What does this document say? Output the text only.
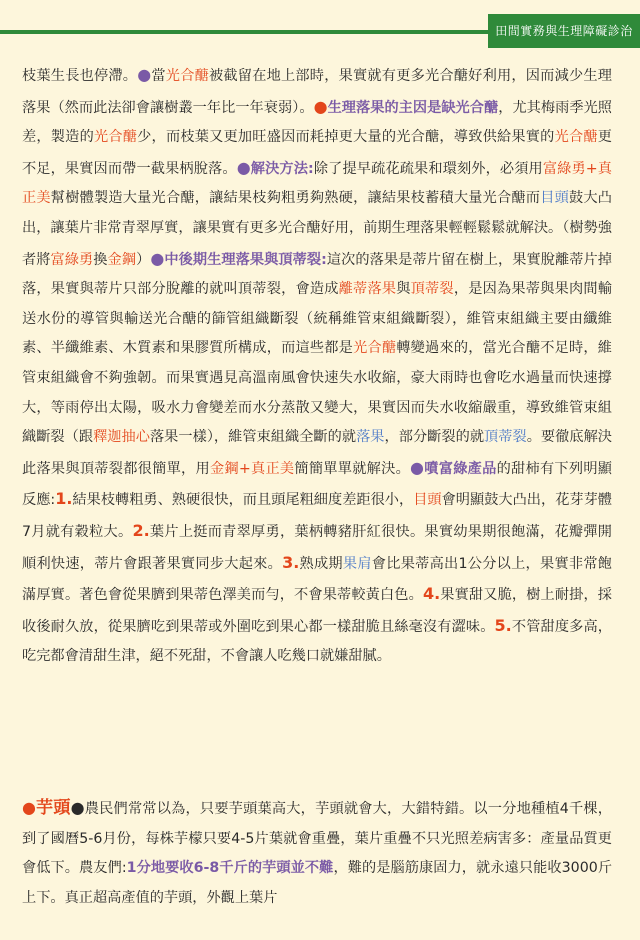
田間實務與生理障礙診治
枝葉生長也停滯。●當光合醣被截留在地上部時，果實就有更多光合醣好利用，因而減少生理落果（然而此法卻會讓樹叢一年比一年衰弱）。●生理落果的主因是缺光合醣，尤其梅雨季光照差，製造的光合醣少，而枝葉又更加旺盛因而耗掉更大量的光合醣，導致供給果實的光合醣更不足，果實因而帶一截果柄脫落。●解決方法:除了提早疏花疏果和環刻外，必須用富綠勇+真正美幫樹體製造大量光合醣，讓結果枝夠粗勇夠熟硬，讓結果枝蓄積大量光合醣而目頭鼓大凸出，讓葉片非常青翠厚實，讓果實有更多光合醣好用，前期生理落果輕輕鬆鬆就解決。（樹勢強者將富綠勇換金鋼）●中後期生理落果與頂蒂裂:這次的落果是蒂片留在樹上，果實脫離蒂片掉落，果實與蒂片只部分脫離的就叫頂蒂裂，會造成離蒂落果與頂蒂裂，是因為果蒂與果肉間輸送水份的導管與輸送光合醣的篩管組織斷裂（統稱維管束組織斷裂），維管束組織主要由纖維素、半纖維素、木質素和果膠質所構成，而這些都是光合醣轉變過來的，當光合醣不足時，維管束組織會不夠強韌。而果實遇見高溫南風會快速失水收縮，豪大雨時也會吃水過量而快速撐大，等雨停出太陽，吸水力會變差而水分蒸散又變大，果實因而失水收縮嚴重，導致維管束組織斷裂（跟釋迦抽心落果一樣），維管束組織全斷的就落果，部分斷裂的就頂蒂裂。要徹底解決此落果與頂蒂裂都很簡單，用金鋼+真正美簡簡單單就解決。●噴富綠產品的甜柿有下列明顯反應:1.結果枝轉粗勇、熟硬很快，而且頭尾粗細度差距很小，目頭會明顯鼓大凸出，花芽芽體7月就有穀粒大。2.葉片上挺而青翠厚勇，葉柄轉豬肝紅很快。果實幼果期很飽滿，花瓣彈開順利快速，蒂片會跟著果實同步大起來。3.熟成期果肩會比果蒂高出1公分以上，果實非常飽滿厚實。著色會從果臍到果蒂色澤美而勻，不會果蒂較黃白色。4.果實甜又脆，樹上耐掛，採收後耐久放，從果臍吃到果蒂或外圍吃到果心都一樣甜脆且絲毫沒有澀味。5.不管甜度多高，吃完都會清甜生津，絕不死甜，不會讓人吃幾口就嫌甜膩。
●芋頭●農民們常常以為，只要芋頭葉高大，芋頭就會大，大錯特錯。以一分地種植4千棵，到了國曆5-6月份，每株芋檬只要4-5片葉就會重疊，葉片重疊不只光照差病害多：產量品質更會低下。農友們:1分地要收6-8千斤的芋頭並不難，難的是腦筋康固力，就永遠只能收3000斤上下。真正超高產值的芋頭，外觀上葉片
